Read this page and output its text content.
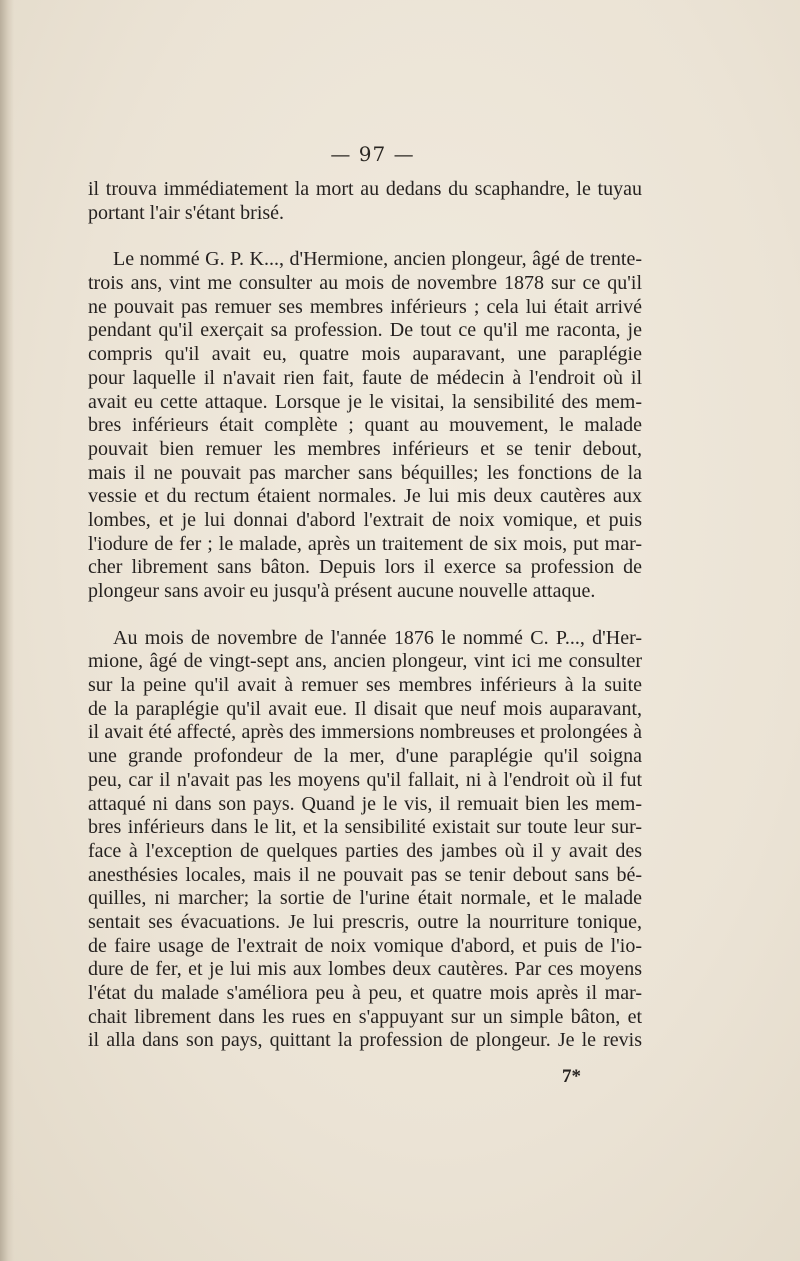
— 97 —
il trouva immédiatement la mort au dedans du scaphandre, le tuyau
portant l'air s'étant brisé.
Le nommé G. P. K..., d'Hermione, ancien plongeur, âgé de trente-
trois ans, vint me consulter au mois de novembre 1878 sur ce qu'il
ne pouvait pas remuer ses membres inférieurs ; cela lui était arrivé
pendant qu'il exerçait sa profession. De tout ce qu'il me raconta, je
compris qu'il avait eu, quatre mois auparavant, une paraplégie
pour laquelle il n'avait rien fait, faute de médecin à l'endroit où il
avait eu cette attaque. Lorsque je le visitai, la sensibilité des mem-
bres inférieurs était complète ; quant au mouvement, le malade
pouvait bien remuer les membres inférieurs et se tenir debout,
mais il ne pouvait pas marcher sans béquilles; les fonctions de la
vessie et du rectum étaient normales. Je lui mis deux cautères aux
lombes, et je lui donnai d'abord l'extrait de noix vomique, et puis
l'iodure de fer ; le malade, après un traitement de six mois, put mar-
cher librement sans bâton. Depuis lors il exerce sa profession de
plongeur sans avoir eu jusqu'à présent aucune nouvelle attaque.
Au mois de novembre de l'année 1876 le nommé C. P..., d'Her-
mione, âgé de vingt-sept ans, ancien plongeur, vint ici me consulter
sur la peine qu'il avait à remuer ses membres inférieurs à la suite
de la paraplégie qu'il avait eue. Il disait que neuf mois auparavant,
il avait été affecté, après des immersions nombreuses et prolongées à
une grande profondeur de la mer, d'une paraplégie qu'il soigna
peu, car il n'avait pas les moyens qu'il fallait, ni à l'endroit où il fut
attaqué ni dans son pays. Quand je le vis, il remuait bien les mem-
bres inférieurs dans le lit, et la sensibilité existait sur toute leur sur-
face à l'exception de quelques parties des jambes où il y avait des
anesthésies locales, mais il ne pouvait pas se tenir debout sans bé-
quilles, ni marcher; la sortie de l'urine était normale, et le malade
sentait ses évacuations. Je lui prescris, outre la nourriture tonique,
de faire usage de l'extrait de noix vomique d'abord, et puis de l'io-
dure de fer, et je lui mis aux lombes deux cautères. Par ces moyens
l'état du malade s'améliora peu à peu, et quatre mois après il mar-
chait librement dans les rues en s'appuyant sur un simple bâton, et
il alla dans son pays, quittant la profession de plongeur. Je le revis
7*
